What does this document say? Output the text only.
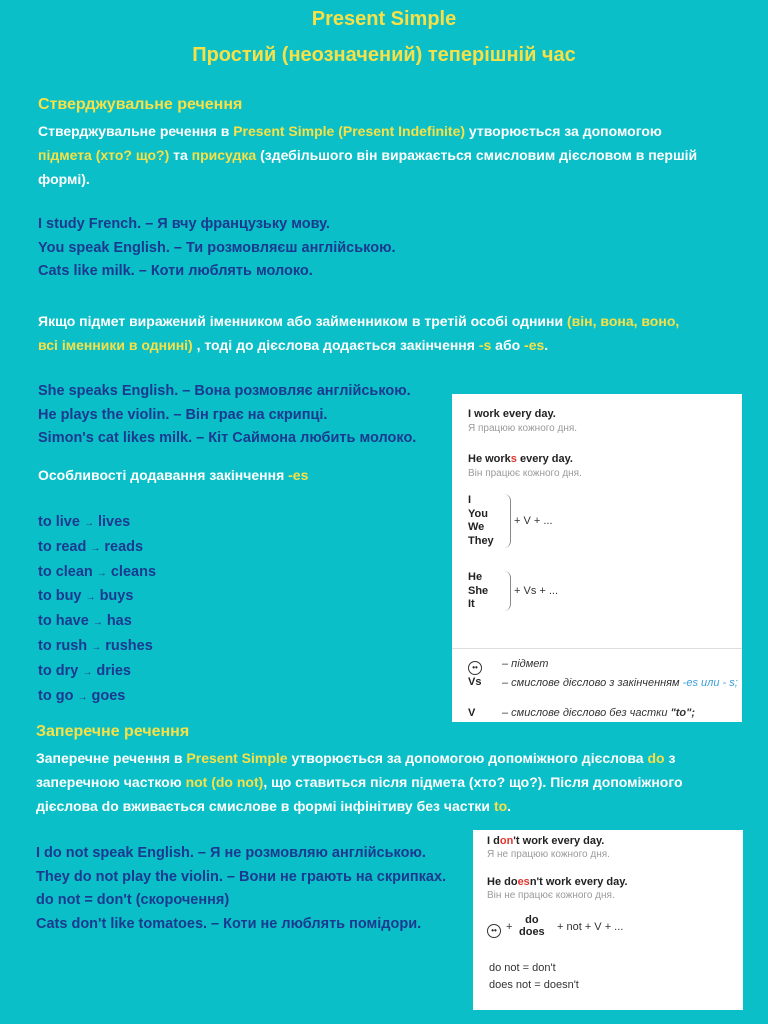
Present Simple
Простий (неозначений) теперішній час
Стверджувальне речення
Стверджувальне речення в Present Simple (Present Indefinite) утворюється за допомогою
підмета (хто? що?) та присудка (здебільшого він виражається смисловим дієсловом в першій
формі).
I study French. – Я вчу французьку мову.
You speak English. – Ти розмовляєш англійською.
Cats like milk. – Коти люблять молоко.
Якщо підмет виражений іменником або займенником в третій особі однини (він, вона, воно,
всі іменники в однині) , тоді до дієслова додається закінчення -s або -es.
She speaks English. – Вона розмовляє англійською.
He plays the violin. – Він грає на скрипці.
Simon's cat likes milk. – Кіт Саймона любить молоко.
Особливості додавання закінчення -es
to live → lives
to read → reads
to clean → cleans
to buy → buys
to have → has
to rush → rushes
to dry → dries
to go → goes
I work every day.
Я працюю кожного дня.
He works every day.
Він працює кожного дня.
I
You
We
They
+ V + ...
He
She
It
+ Vs + ...
••	– підмет
Vs – смислове дієслово з закінченням -es или - s;
V – смислове дієслово без частки "to";
Заперечне речення
Заперечне речення в Present Simple утворюється за допомогою допоміжного дієслова do з
заперечною часткою not (do not), що ставиться після підмета (хто? що?). Після допоміжного
дієслова do вживається смислове в формі інфінітиву без частки to.
I do not speak English. – Я не розмовляю англійською.
They do not play the violin. – Вони не грають на скрипках.
do not = don't (скорочення)
Cats don't like tomatoes. – Коти не люблять помідори.
I don't work every day.
Я не працюю кожного дня.
He doesn't work every day.
Він не працює кожного дня.
•• +
do
does + not + V + ...
do not = don't
does not = doesn't
